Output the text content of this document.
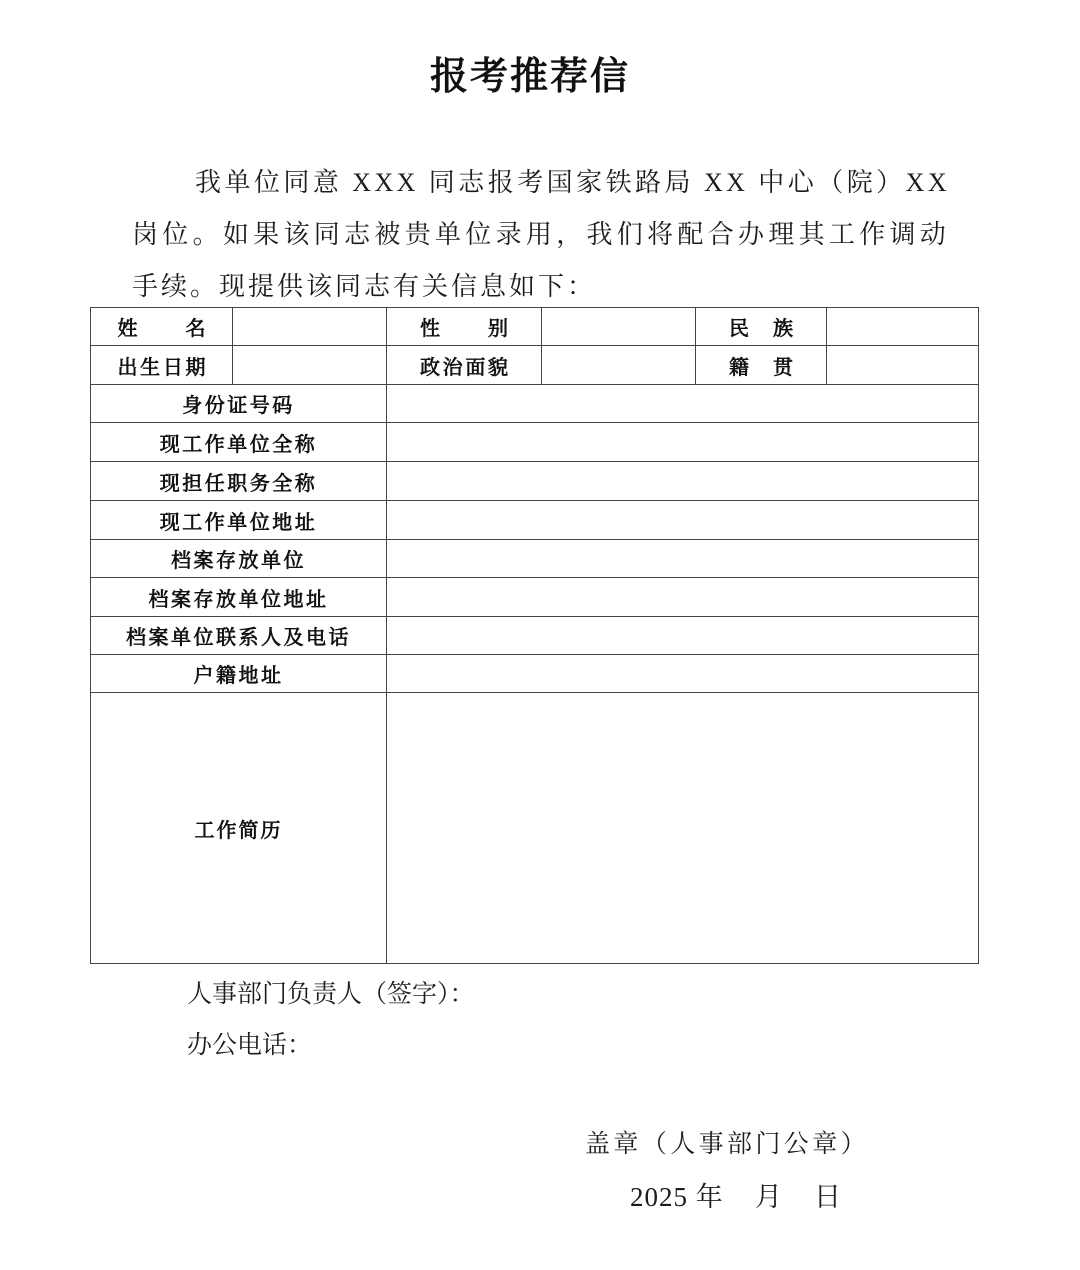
报考推荐信
我单位同意 XXX 同志报考国家铁路局 XX 中心（院）XX
岗位。如果该同志被贵单位录用，我们将配合办理其工作调动
手续。现提供该同志有关信息如下：
姓名		性别		民族	
出生日期		政治面貌		籍贯	
身份证号码					
现工作单位全称					
现担任职务全称					
现工作单位地址					
档案存放单位					
档案存放单位地址					
档案单位联系人及电话					
户籍地址					
工作简历					
人事部门负责人（签字）：
办公电话：
盖章（人事部门公章）
2025 年 月 日
